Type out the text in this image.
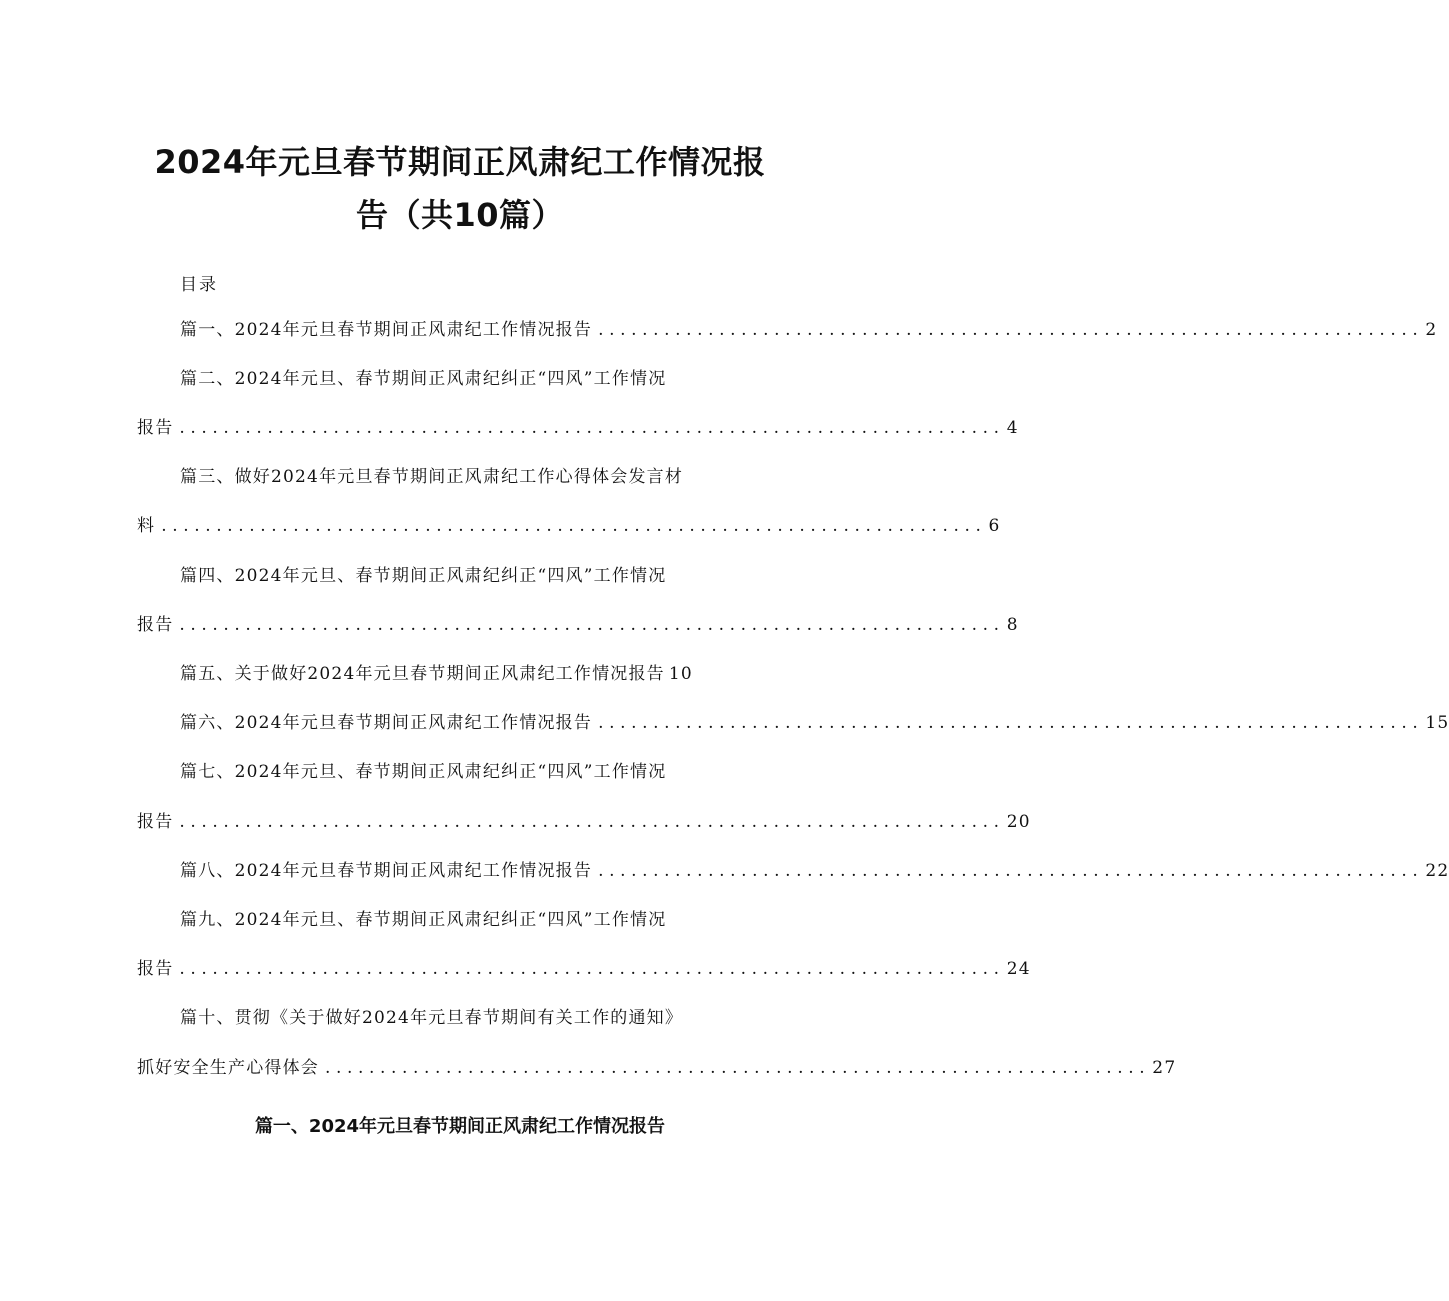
2024年元旦春节期间正风肃纪工作情况报
告（共10篇）
目录
篇一、2024年元旦春节期间正风肃纪工作情况报告 ........................................................................... 2
篇二、2024年元旦、春节期间正风肃纪纠正“四风”工作情况
报告 ........................................................................... 4
篇三、做好2024年元旦春节期间正风肃纪工作心得体会发言材
料 ........................................................................... 6
篇四、2024年元旦、春节期间正风肃纪纠正“四风”工作情况
报告 ........................................................................... 8
篇五、关于做好2024年元旦春节期间正风肃纪工作情况报告 10
篇六、2024年元旦春节期间正风肃纪工作情况报告 ........................................................................... 15
篇七、2024年元旦、春节期间正风肃纪纠正“四风”工作情况
报告 ........................................................................... 20
篇八、2024年元旦春节期间正风肃纪工作情况报告 ........................................................................... 22
篇九、2024年元旦、春节期间正风肃纪纠正“四风”工作情况
报告 ........................................................................... 24
篇十、贯彻《关于做好2024年元旦春节期间有关工作的通知》
抓好安全生产心得体会 ........................................................................... 27
篇一、2024年元旦春节期间正风肃纪工作情况报告
